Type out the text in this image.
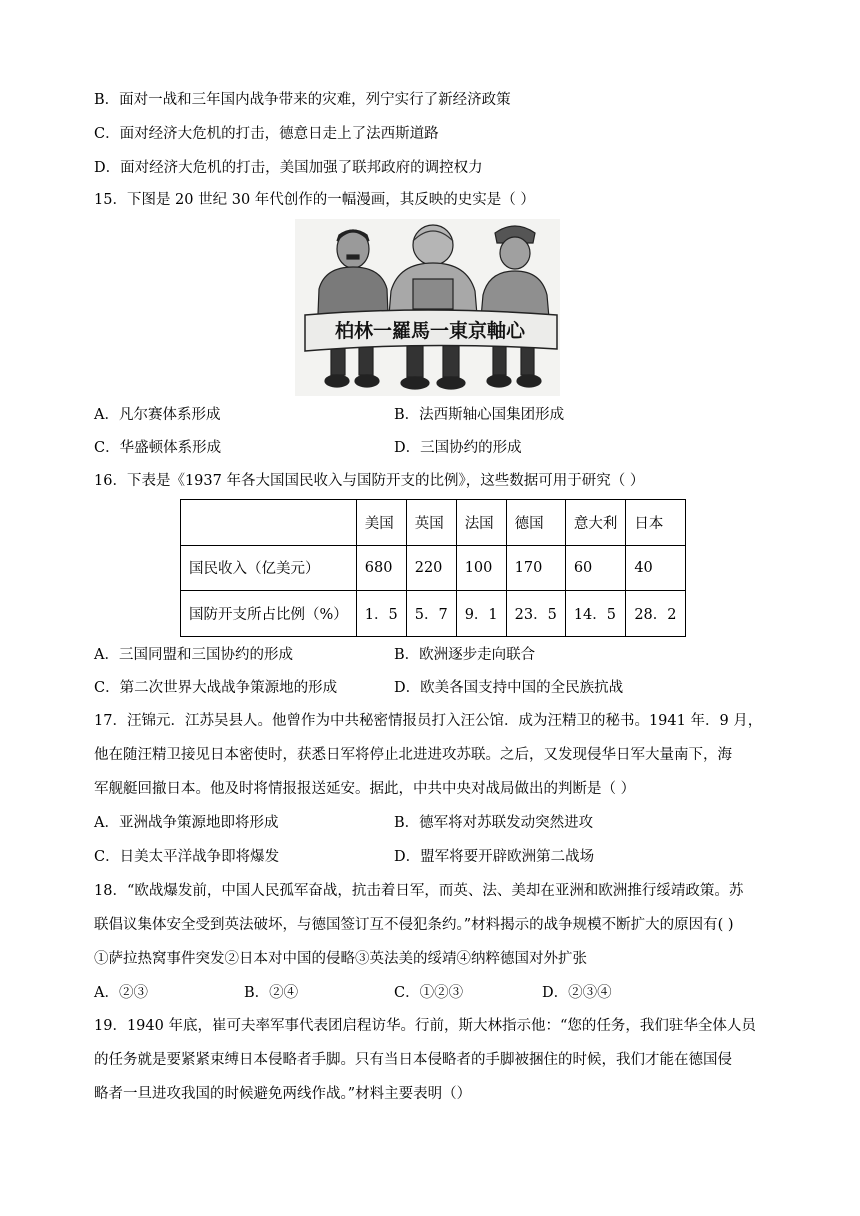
B．面对一战和三年国内战争带来的灾难，列宁实行了新经济政策
C．面对经济大危机的打击，德意日走上了法西斯道路
D．面对经济大危机的打击，美国加强了联邦政府的调控权力
15．下图是 20 世纪 30 年代创作的一幅漫画，其反映的史实是（ ）
柏林一羅馬一東京軸心
A．凡尔赛体系形成	B．法西斯轴心国集团形成
C．华盛顿体系形成	D．三国协约的形成
16．下表是《1937 年各大国国民收入与国防开支的比例》，这些数据可用于研究（ ）
	美国	英国	法国	德国	意大利	日本
国民收入（亿美元）	680	220	100	170	60	40
国防开支所占比例（%）	1．5	5．7	9．1	23．5	14．5	28．2
A．三国同盟和三国协约的形成	B．欧洲逐步走向联合
C．第二次世界大战战争策源地的形成	D．欧美各国支持中国的全民族抗战
17．汪锦元．江苏吴县人。他曾作为中共秘密情报员打入汪公馆．成为汪精卫的秘书。1941 年．9 月，
他在随汪精卫接见日本密使时，获悉日军将停止北进进攻苏联。之后，又发现侵华日军大量南下，海
军舰艇回撤日本。他及时将情报报送延安。据此，中共中央对战局做出的判断是（ ）
A．亚洲战争策源地即将形成	B．德军将对苏联发动突然进攻
C．日美太平洋战争即将爆发	D．盟军将要开辟欧洲第二战场
18．“欧战爆发前，中国人民孤军奋战，抗击着日军，而英、法、美却在亚洲和欧洲推行绥靖政策。苏
联倡议集体安全受到英法破坏，与德国签订互不侵犯条约。”材料揭示的战争规模不断扩大的原因有( )
①萨拉热窝事件突发②日本对中国的侵略③英法美的绥靖④纳粹德国对外扩张
A．②③	B．②④	C．①②③	D．②③④
19．1940 年底，崔可夫率军事代表团启程访华。行前，斯大林指示他：“您的任务，我们驻华全体人员
的任务就是要紧紧束缚日本侵略者手脚。只有当日本侵略者的手脚被捆住的时候，我们才能在德国侵
略者一旦进攻我国的时候避免两线作战。”材料主要表明（）
